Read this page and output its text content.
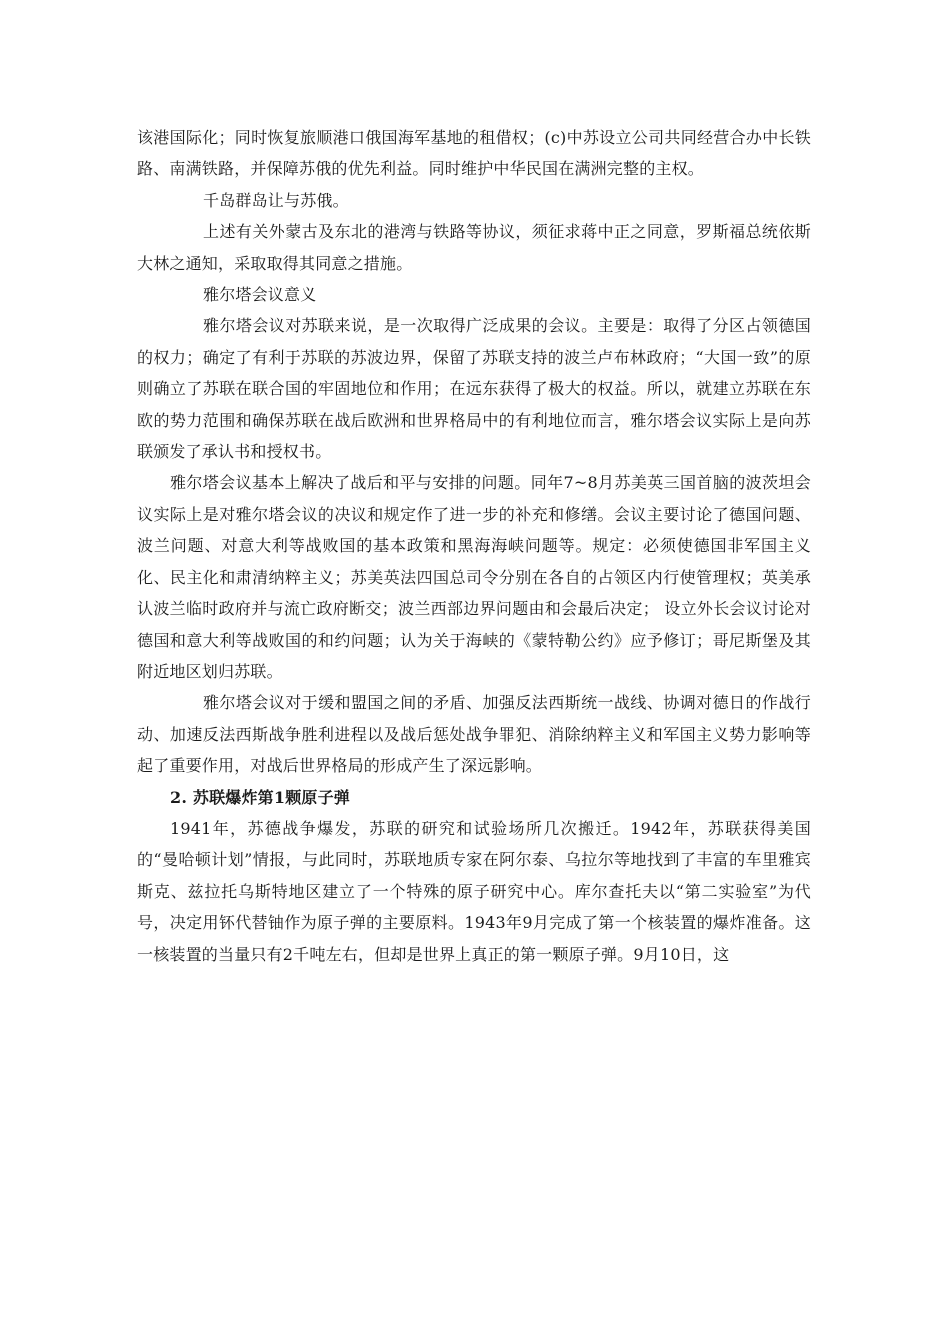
该港国际化；同时恢复旅顺港口俄国海军基地的租借权；(c)中苏设立公司共同经营合办中长铁路、南满铁路，并保障苏俄的优先利益。同时维护中华民国在满洲完整的主权。

千岛群岛让与苏俄。

上述有关外蒙古及东北的港湾与铁路等协议，须征求蒋中正之同意，罗斯福总统依斯大林之通知，采取取得其同意之措施。

雅尔塔会议意义

雅尔塔会议对苏联来说，是一次取得广泛成果的会议。主要是：取得了分区占领德国的权力；确定了有利于苏联的苏波边界，保留了苏联支持的波兰卢布林政府；“大国一致”的原则确立了苏联在联合国的牢固地位和作用；在远东获得了极大的权益。所以，就建立苏联在东欧的势力范围和确保苏联在战后欧洲和世界格局中的有利地位而言，雅尔塔会议实际上是向苏联颁发了承认书和授权书。

雅尔塔会议基本上解决了战后和平与安排的问题。同年7~8月苏美英三国首脑的波茨坦会议实际上是对雅尔塔会议的决议和规定作了进一步的补充和修缮。会议主要讨论了德国问题、波兰问题、对意大利等战败国的基本政策和黑海海峡问题等。规定：必须使德国非军国主义化、民主化和肃清纳粹主义；苏美英法四国总司令分别在各自的占领区内行使管理权；英美承认波兰临时政府并与流亡政府断交；波兰西部边界问题由和会最后决定； 设立外长会议讨论对德国和意大利等战败国的和约问题；认为关于海峡的《蒙特勒公约》应予修订；哥尼斯堡及其附近地区划归苏联。

雅尔塔会议对于缓和盟国之间的矛盾、加强反法西斯统一战线、协调对德日的作战行动、加速反法西斯战争胜利进程以及战后惩处战争罪犯、消除纳粹主义和军国主义势力影响等起了重要作用，对战后世界格局的形成产生了深远影响。

2. 苏联爆炸第1颗原子弹

1941年，苏德战争爆发，苏联的研究和试验场所几次搬迁。1942年，苏联获得美国的“曼哈顿计划”情报，与此同时，苏联地质专家在阿尔泰、乌拉尔等地找到了丰富的车里雅宾斯克、兹拉托乌斯特地区建立了一个特殊的原子研究中心。库尔查托夫以“第二实验室”为代号，决定用钚代替铀作为原子弹的主要原料。1943年9月完成了第一个核装置的爆炸准备。这一核装置的当量只有2千吨左右，但却是世界上真正的第一颗原子弹。9月10日，这
